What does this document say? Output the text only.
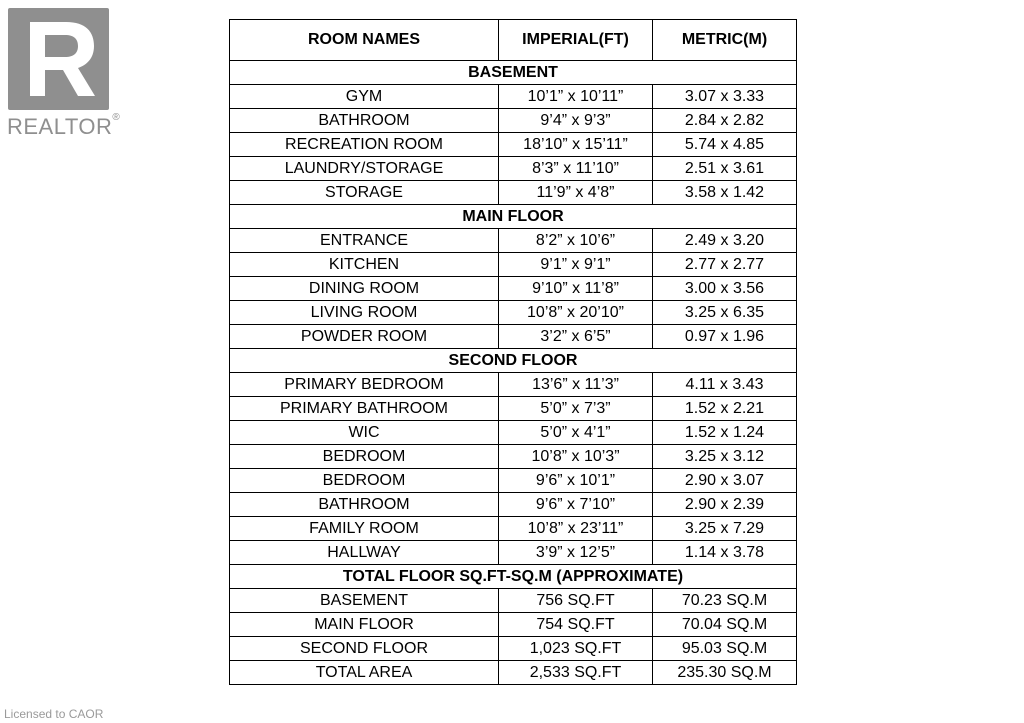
REALTOR®
ROOM NAMES	IMPERIAL(FT)	METRIC(M)
BASEMENT		
GYM	10’1” x 10’11”	3.07 x 3.33
BATHROOM	9’4” x 9’3”	2.84 x 2.82
RECREATION ROOM	18’10” x 15’11”	5.74 x 4.85
LAUNDRY/STORAGE	8’3” x 11’10”	2.51 x 3.61
STORAGE	11’9” x 4’8”	3.58 x 1.42
MAIN FLOOR		
ENTRANCE	8’2” x 10’6”	2.49 x 3.20
KITCHEN	9’1” x 9’1”	2.77 x 2.77
DINING ROOM	9’10” x 11’8”	3.00 x 3.56
LIVING ROOM	10’8” x 20’10”	3.25 x 6.35
POWDER ROOM	3’2” x 6’5”	0.97 x 1.96
SECOND FLOOR		
PRIMARY BEDROOM	13’6” x 11’3”	4.11 x 3.43
PRIMARY BATHROOM	5’0” x 7’3”	1.52 x 2.21
WIC	5’0” x 4’1”	1.52 x 1.24
BEDROOM	10’8” x 10’3”	3.25 x 3.12
BEDROOM	9’6” x 10’1”	2.90 x 3.07
BATHROOM	9’6” x 7’10”	2.90 x 2.39
FAMILY ROOM	10’8” x 23’11”	3.25 x 7.29
HALLWAY	3’9” x 12’5”	1.14 x 3.78
TOTAL FLOOR SQ.FT-SQ.M (APPROXIMATE)		
BASEMENT	756 SQ.FT	70.23 SQ.M
MAIN FLOOR	754 SQ.FT	70.04 SQ.M
SECOND FLOOR	1,023 SQ.FT	95.03 SQ.M
TOTAL AREA	2,533 SQ.FT	235.30 SQ.M
Licensed to CAOR
